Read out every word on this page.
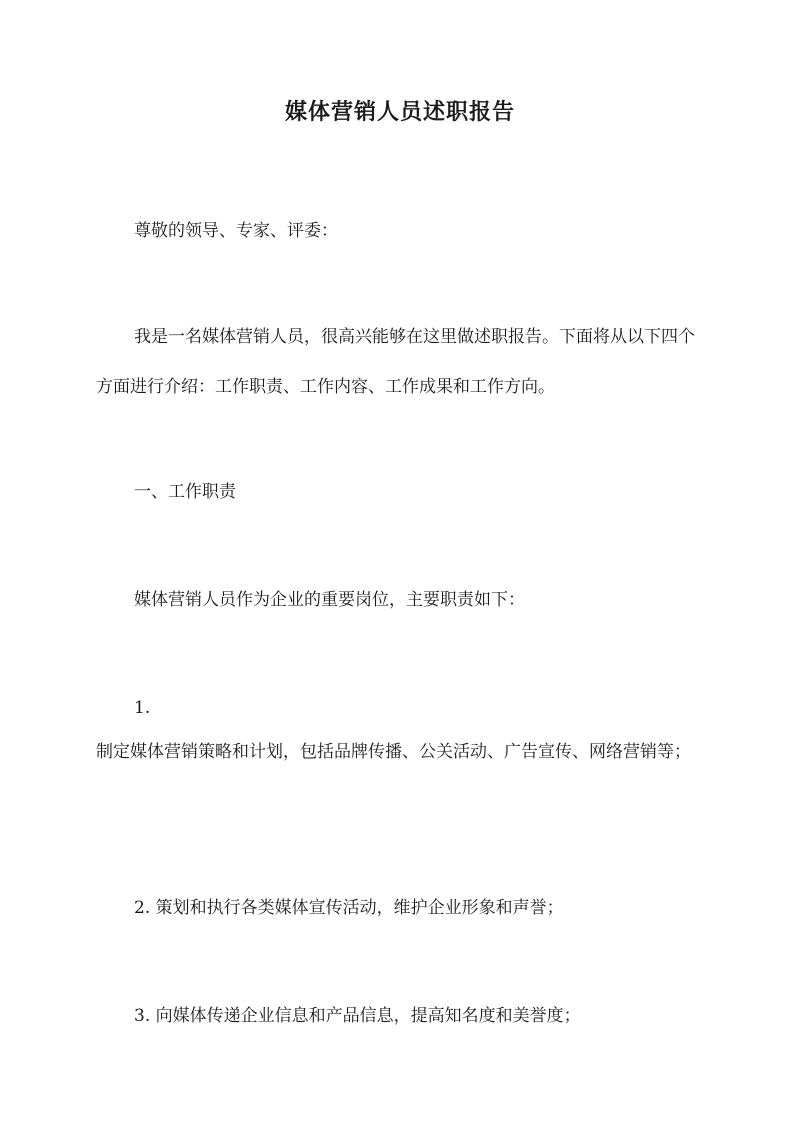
媒体营销人员述职报告

尊敬的领导、专家、评委：

我是一名媒体营销人员，很高兴能够在这里做述职报告。下面将从以下四个方面进行介绍：工作职责、工作内容、工作成果和工作方向。

一、工作职责

媒体营销人员作为企业的重要岗位，主要职责如下：

1.

制定媒体营销策略和计划，包括品牌传播、公关活动、广告宣传、网络营销等；

2. 策划和执行各类媒体宣传活动，维护企业形象和声誉；

3. 向媒体传递企业信息和产品信息，提高知名度和美誉度；
